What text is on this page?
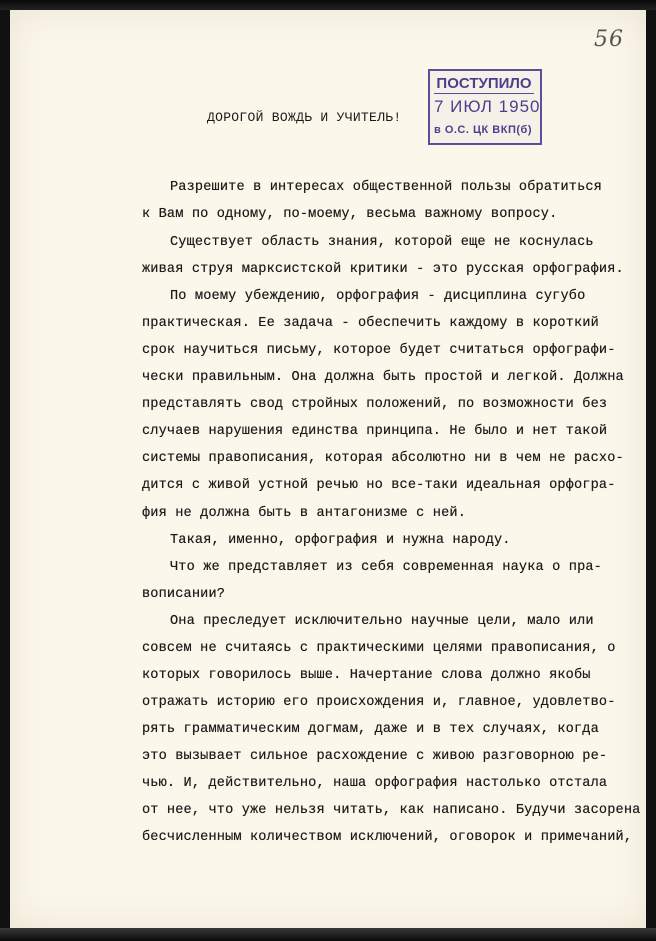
56
ПОСТУПИЛО
7 ИЮЛ 1950
в О.С. ЦК ВКП(б)
ДОРОГОЙ ВОЖДЬ И УЧИТЕЛЬ!
Разрешите в интересах общественной пользы обратиться
к Вам по одному, по-моему, весьма важному вопросу.
Существует область знания, которой еще не коснулась
живая струя марксистской критики - это русская орфография.
По моему убеждению, орфография - дисциплина сугубо
практическая. Ее задача - обеспечить каждому в короткий
срок научиться письму, которое будет считаться орфографи-
чески правильным. Она должна быть простой и легкой. Должна
представлять свод стройных положений, по возможности без
случаев нарушения единства принципа. Не было и нет такой
системы правописания, которая абсолютно ни в чем не расхо-
дится с живой устной речью но все-таки идеальная орфогра-
фия не должна быть в антагонизме с ней.
Такая, именно, орфография и нужна народу.
Что же представляет из себя современная наука о пра-
вописании?
Она преследует исключительно научные цели, мало или
совсем не считаясь с практическими целями правописания, о
которых говорилось выше. Начертание слова должно якобы
отражать историю его происхождения и, главное, удовлетво-
рять грамматическим догмам, даже и в тех случаях, когда
это вызывает сильное расхождение с живою разговорною ре-
чью. И, действительно, наша орфография настолько отстала
от нее, что уже нельзя читать, как написано. Будучи засорена
бесчисленным количеством исключений, оговорок и примечаний,
